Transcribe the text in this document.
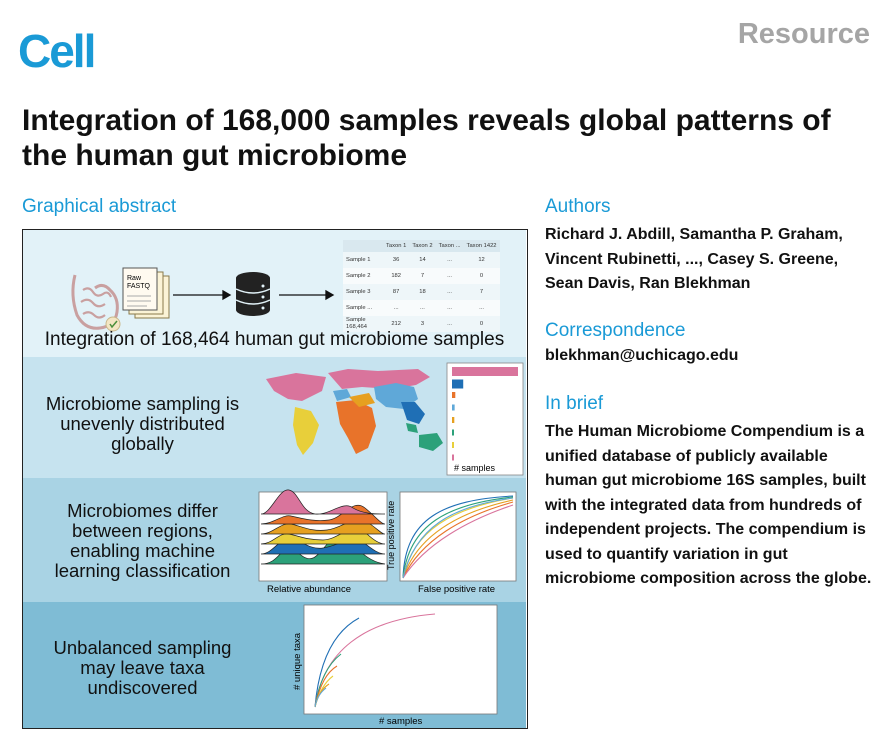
Cell	Resource
Integration of 168,000 samples reveals global patterns of the human gut microbiome
Graphical abstract
Raw
FASTQ
	Taxon 1	Taxon 2	Taxon ...	Taxon 1422
Sample 1	36	14	...	12
Sample 2	182	7	...	0
Sample 3	87	18	...	7
Sample ...	...	...	...	...
Sample 168,464	212	3	...	0
Integration of 168,464 human gut microbiome samples
Microbiome sampling is unevenly distributed globally
# samples
Microbiomes differ between regions, enabling machine learning classification
Relative abundance
True positive rate
False positive rate
Unbalanced sampling may leave taxa undiscovered	# unique taxa
# samples
Authors
Richard J. Abdill, Samantha P. Graham, Vincent Rubinetti, ..., Casey S. Greene, Sean Davis, Ran Blekhman
Correspondence
blekhman@uchicago.edu
In brief
The Human Microbiome Compendium is a unified database of publicly available human gut microbiome 16S samples, built with the integrated data from hundreds of independent projects. The compendium is used to quantify variation in gut microbiome composition across the globe.
